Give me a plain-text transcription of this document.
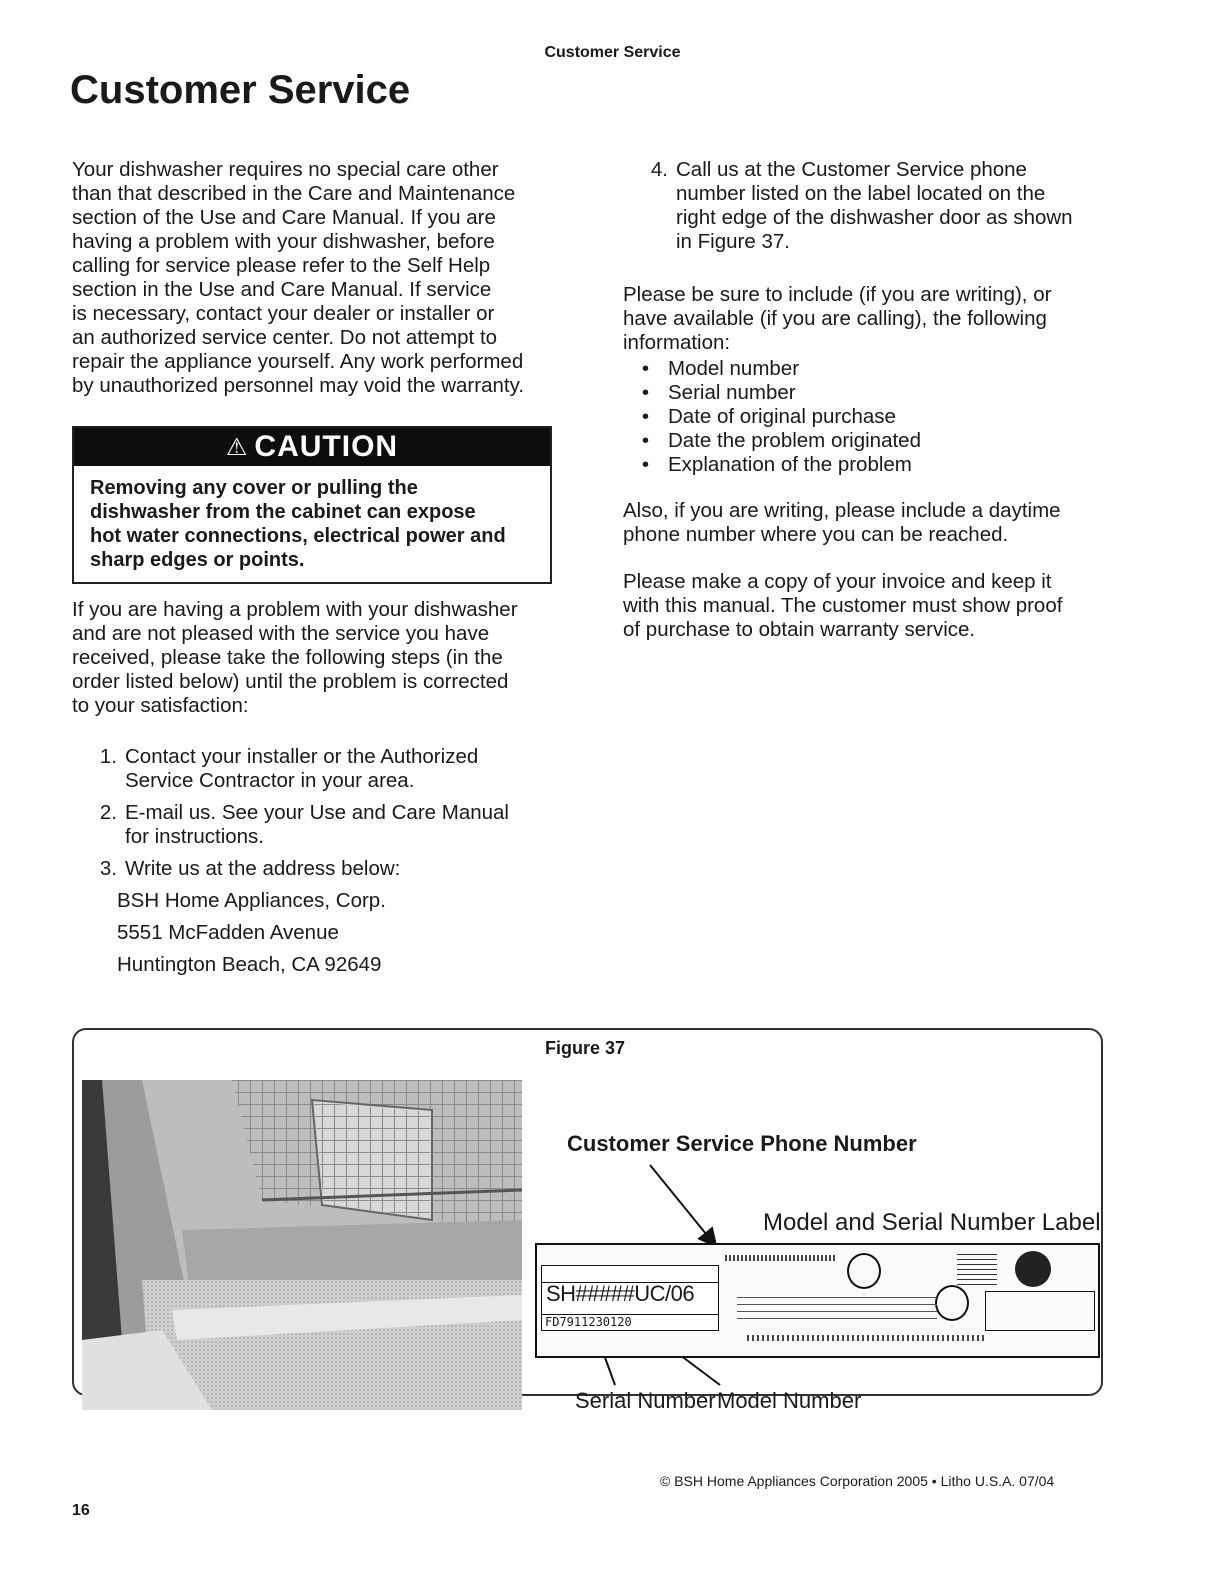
Customer Service
Customer Service

Your dishwasher requires no special care other

than that described in the Care and Maintenance

section of the Use and Care Manual. If you are

having a problem with your dishwasher, before

calling for service please refer to the Self Help

section in the Use and Care Manual. If service

is necessary, contact your dealer or installer or

an authorized service center. Do not attempt to

repair the appliance yourself. Any work performed

by unauthorized personnel may void the warranty.

⚠ CAUTION
Removing any cover or pulling the
dishwasher from the cabinet can expose
hot water connections, electrical power and
sharp edges or points.

If you are having a problem with your dishwasher

and are not pleased with the service you have

received, please take the following steps (in the

order listed below) until the problem is corrected

to your satisfaction:

1. Contact your installer or the Authorized
Service Contractor in your area.
2. E-mail us. See your Use and Care Manual
for instructions.
3. Write us at the address below:

BSH Home Appliances, Corp.

5551 McFadden Avenue

Huntington Beach, CA 92649

4. Call us at the Customer Service phone
number listed on the label located on the
right edge of the dishwasher door as shown
in Figure 37.

Please be sure to include (if you are writing), or

have available (if you are calling), the following

information:

• Model number
• Serial number
• Date of original purchase
• Date the problem originated
• Explanation of the problem

Also, if you are writing, please include a daytime

phone number where you can be reached.

Please make a copy of your invoice and keep it

with this manual. The customer must show proof

of purchase to obtain warranty service.

Figure 37
Customer Service Phone Number
Model and Serial Number Label
SH#####UC/06
FD7911230120
Serial Number Model Number
© BSH Home Appliances Corporation 2005 • Litho U.S.A. 07/04
16
